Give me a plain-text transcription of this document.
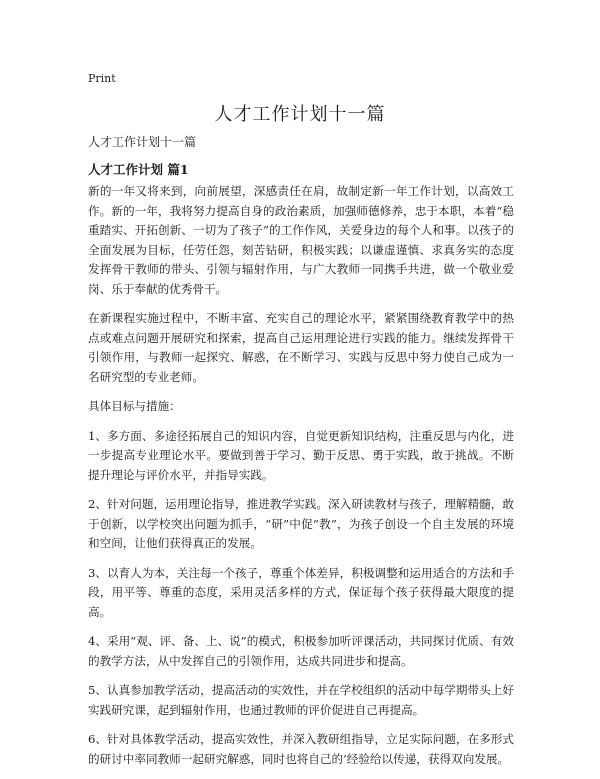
Print
人才工作计划十一篇

人才工作计划十一篇

人才工作计划 篇1

新的一年又将来到，向前展望，深感责任在肩，故制定新一年工作计划，以高效工作。新的一年，我将努力提高自身的政治素质，加强师德修养，忠于本职，本着“稳重踏实、开拓创新、一切为了孩子”的工作作风，关爱身边的每个人和事。以孩子的全面发展为目标，任劳任怨，刻苦钻研，积极实践；以谦虚谨慎、求真务实的态度发挥骨干教师的带头、引领与辐射作用，与广大教师一同携手共进，做一个敬业爱岗、乐于奉献的优秀骨干。

在新课程实施过程中，不断丰富、充实自己的理论水平，紧紧围绕教育教学中的热点或难点问题开展研究和探索，提高自己运用理论进行实践的能力。继续发挥骨干引领作用，与教师一起探究、解惑，在不断学习、实践与反思中努力使自己成为一名研究型的专业老师。

具体目标与措施：

1、多方面、多途径拓展自己的知识内容，自觉更新知识结构，注重反思与内化，进一步提高专业理论水平。要做到善于学习、勤于反思、勇于实践，敢于挑战。不断提升理论与评价水平，并指导实践。

2、针对问题，运用理论指导，推进教学实践。深入研读教材与孩子，理解精髓，敢于创新，以学校突出问题为抓手，“研”中促“教”，为孩子创设一个自主发展的环境和空间，让他们获得真正的发展。

3、以育人为本，关注每一个孩子，尊重个体差异，积极调整和运用适合的方法和手段，用平等、尊重的态度，采用灵活多样的方式，保证每个孩子获得最大限度的提高。

4、采用“观、评、备、上、说”的模式，积极参加听评课活动，共同探讨优质、有效的教学方法，从中发挥自己的引领作用，达成共同进步和提高。

5、认真参加教学活动，提高活动的实效性，并在学校组织的活动中每学期带头上好实践研究课，起到辐射作用，也通过教师的评价促进自己再提高。

6、针对具体教学活动，提高实效性，并深入教研组指导，立足实际问题，在多形式的研讨中率同教师一起研究解惑，同时也将自己的’经验给以传递，获得双向发展。
